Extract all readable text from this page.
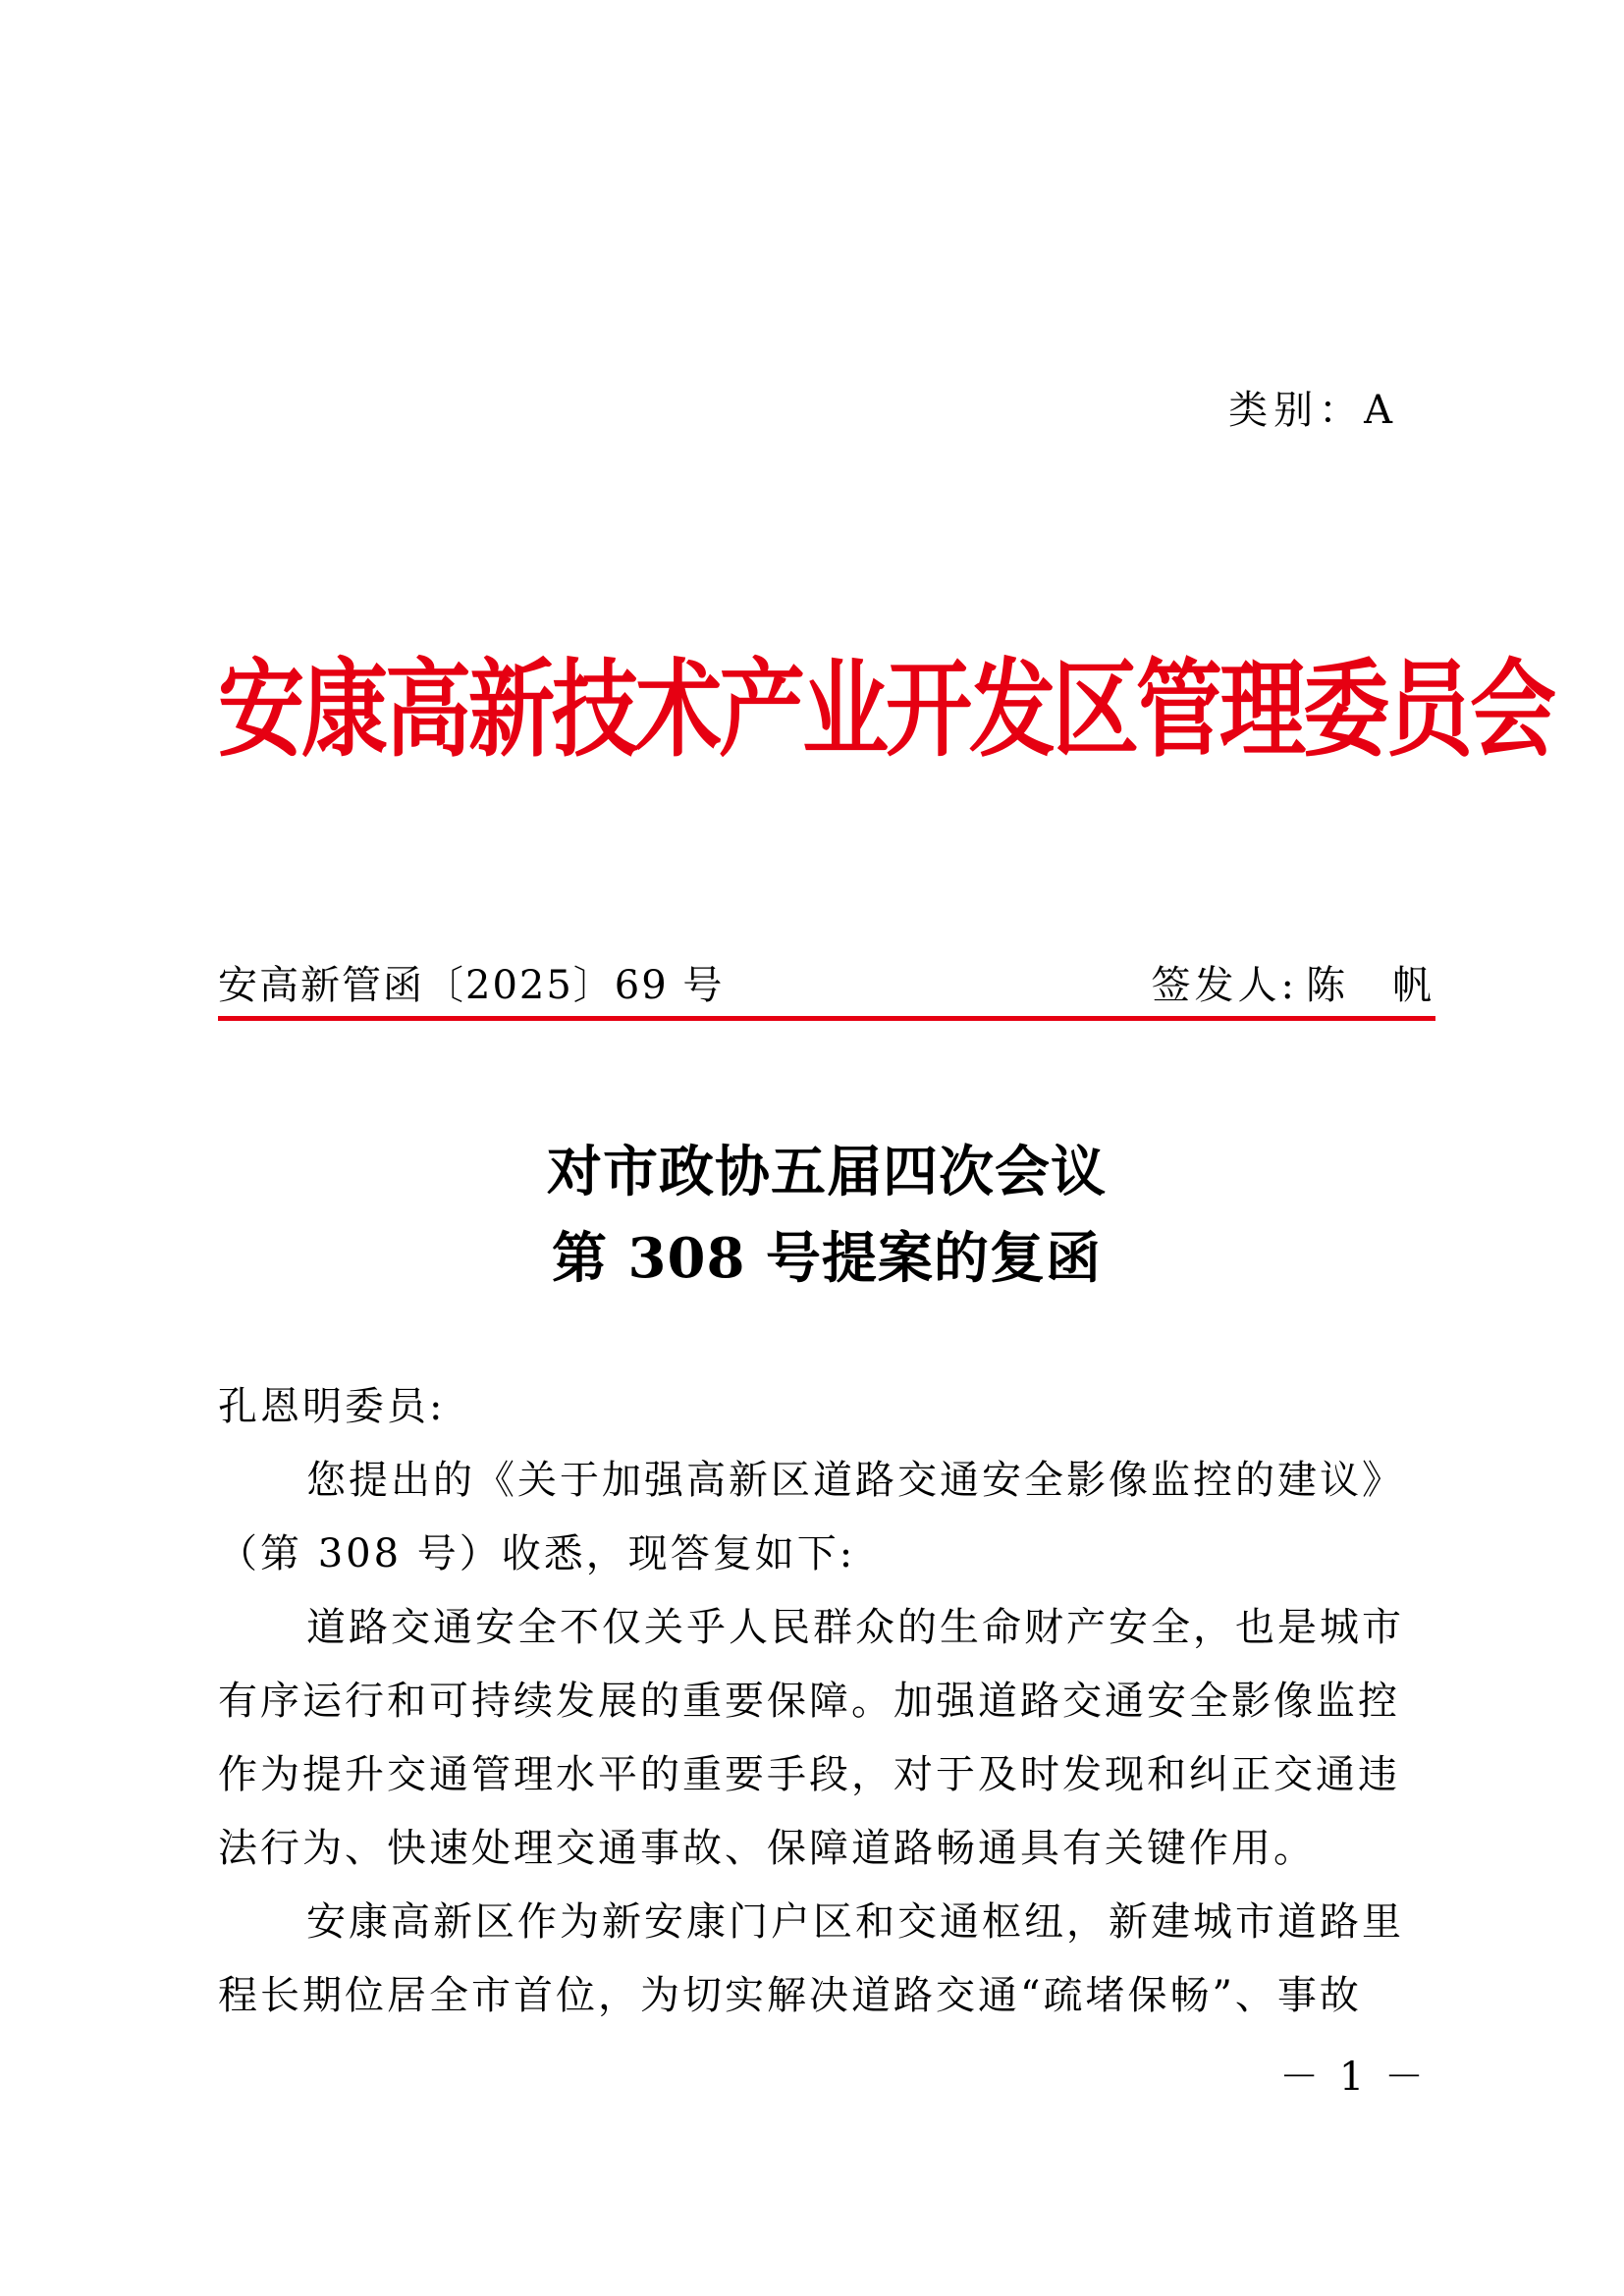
类别：A
安康高新技术产业开发区管理委员会
安高新管函〔2025〕69 号	签发人: 陈　帆
对市政协五届四次会议
第 308 号提案的复函
孔恩明委员:
您提出的《关于加强高新区道路交通安全影像监控的建议》
（第 308 号）收悉，现答复如下:
道路交通安全不仅关乎人民群众的生命财产安全，也是城市
有序运行和可持续发展的重要保障。加强道路交通安全影像监控
作为提升交通管理水平的重要手段，对于及时发现和纠正交通违
法行为、快速处理交通事故、保障道路畅通具有关键作用。
安康高新区作为新安康门户区和交通枢纽，新建城市道路里
程长期位居全市首位，为切实解决道路交通“疏堵保畅”、事故
－ 1 －
